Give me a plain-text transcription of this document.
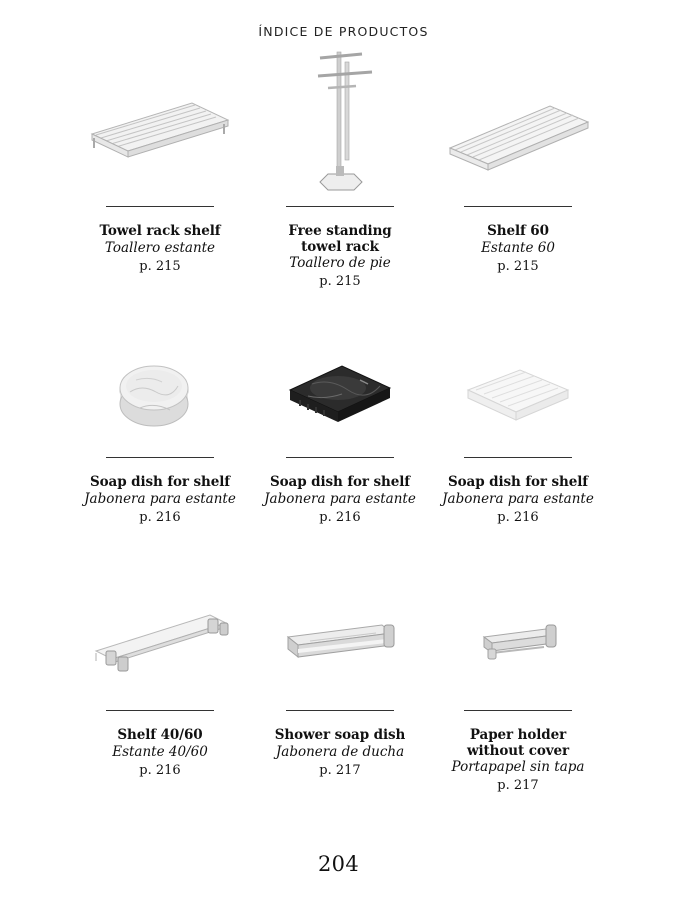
ÍNDICE DE PRODUCTOS
Towel rack shelf
Toallero estante
p. 215
Free standing towel rack
Toallero de pie
p. 215
Shelf 60
Estante 60
p. 215
Soap dish for shelf
Jabonera para estante
p. 216
Soap dish for shelf
Jabonera para estante
p. 216
Soap dish for shelf
Jabonera para estante
p. 216
Shelf 40/60
Estante 40/60
p. 216
Shower soap dish
Jabonera de ducha
p. 217
Paper holder without cover
Portapapel sin tapa
p. 217
204
